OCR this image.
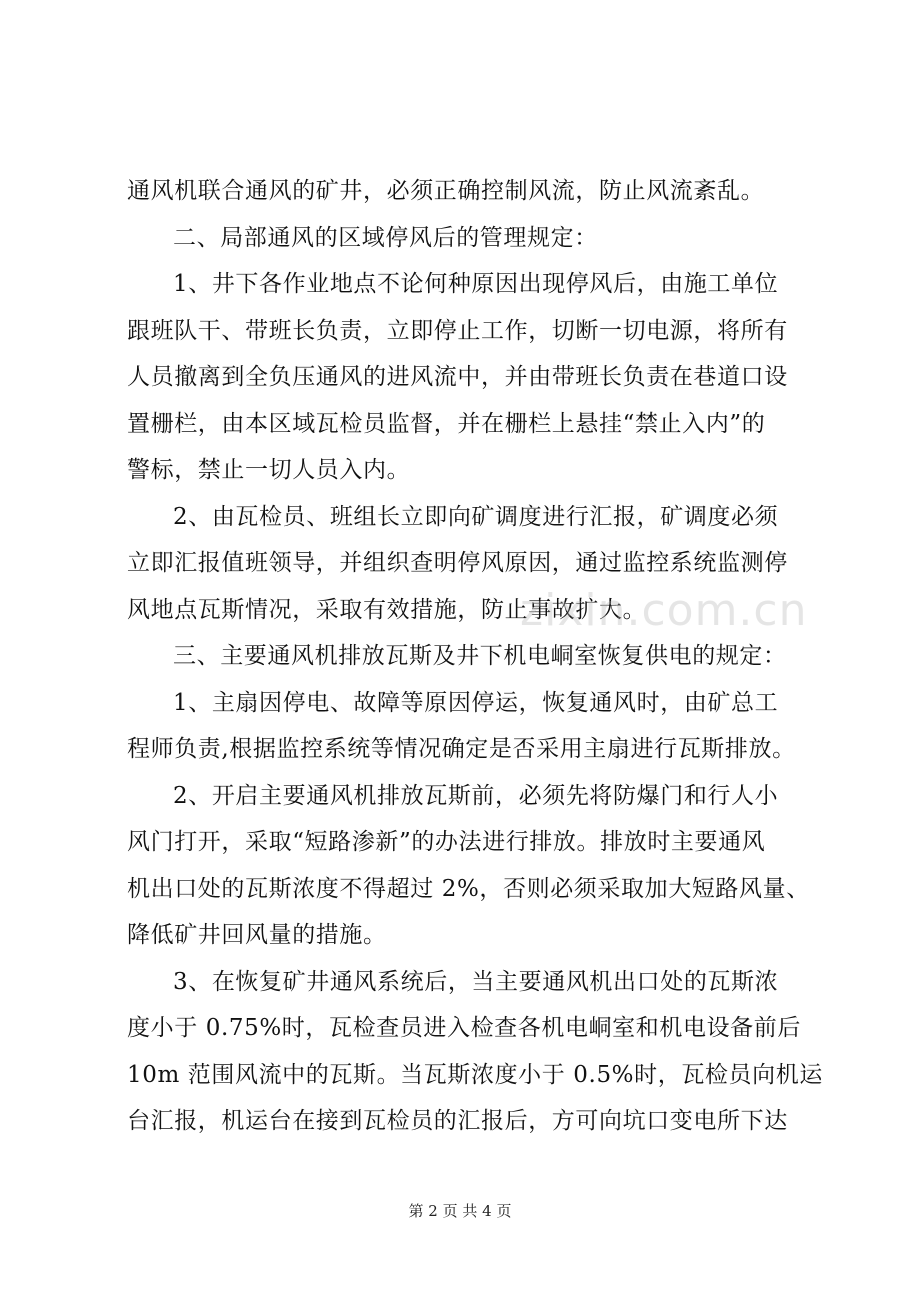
通风机联合通风的矿井，必须正确控制风流，防止风流紊乱。
二、局部通风的区域停风后的管理规定：
1、井下各作业地点不论何种原因出现停风后，由施工单位
跟班队干、带班长负责，立即停止工作，切断一切电源，将所有
人员撤离到全负压通风的进风流中，并由带班长负责在巷道口设
置栅栏，由本区域瓦检员监督，并在栅栏上悬挂“禁止入内”的
警标，禁止一切人员入内。
2、由瓦检员、班组长立即向矿调度进行汇报，矿调度必须
立即汇报值班领导，并组织查明停风原因，通过监控系统监测停
风地点瓦斯情况，采取有效措施，防止事故扩大。
三、主要通风机排放瓦斯及井下机电峒室恢复供电的规定：
1、主扇因停电、故障等原因停运，恢复通风时，由矿总工
程师负责,根据监控系统等情况确定是否采用主扇进行瓦斯排放。
2、开启主要通风机排放瓦斯前，必须先将防爆门和行人小
风门打开，采取“短路渗新”的办法进行排放。排放时主要通风
机出口处的瓦斯浓度不得超过 2%，否则必须采取加大短路风量、
降低矿井回风量的措施。
3、在恢复矿井通风系统后，当主要通风机出口处的瓦斯浓
度小于 0.75%时，瓦检查员进入检查各机电峒室和机电设备前后
10m 范围风流中的瓦斯。当瓦斯浓度小于 0.5%时，瓦检员向机运
台汇报，机运台在接到瓦检员的汇报后，方可向坑口变电所下达
zixin.com.cn
第 2 页 共 4 页
